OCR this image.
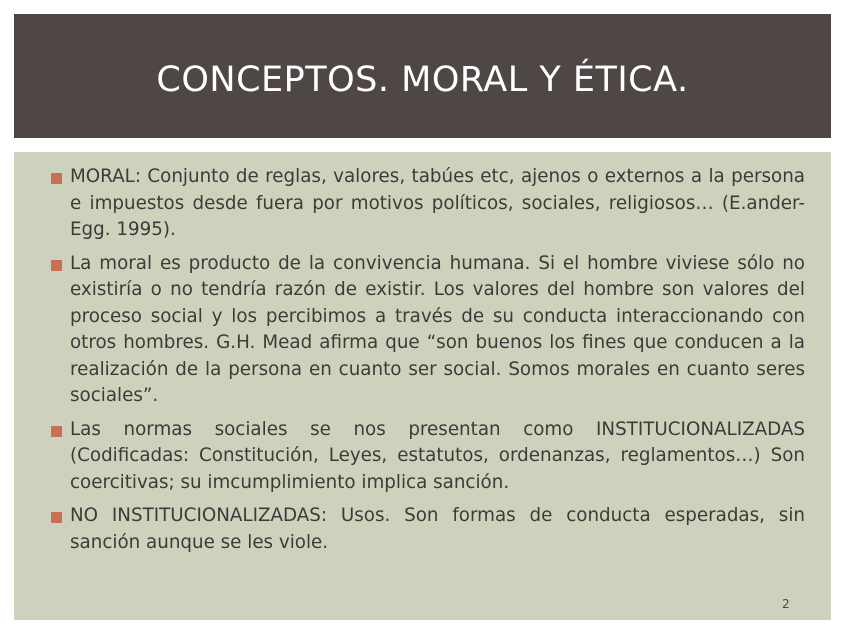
CONCEPTOS. MORAL Y ÉTICA.
MORAL: Conjunto de reglas, valores, tabúes etc, ajenos o externos a la persona e impuestos desde fuera por motivos políticos, sociales, religiosos… (E.ander-Egg. 1995).
La moral es producto de la convivencia humana. Si el hombre viviese sólo no existiría o no tendría razón de existir. Los valores del hombre son valores del proceso social y los percibimos a través de su conducta interaccionando con otros hombres. G.H. Mead afirma que “son buenos los fines que conducen a la realización de la persona en cuanto ser social. Somos morales en cuanto seres sociales”.
Las normas sociales se nos presentan como INSTITUCIONALIZADAS (Codificadas: Constitución, Leyes, estatutos, ordenanzas, reglamentos…) Son coercitivas; su imcumplimiento implica sanción.
NO INSTITUCIONALIZADAS: Usos. Son formas de conducta esperadas, sin sanción aunque se les viole.
2
